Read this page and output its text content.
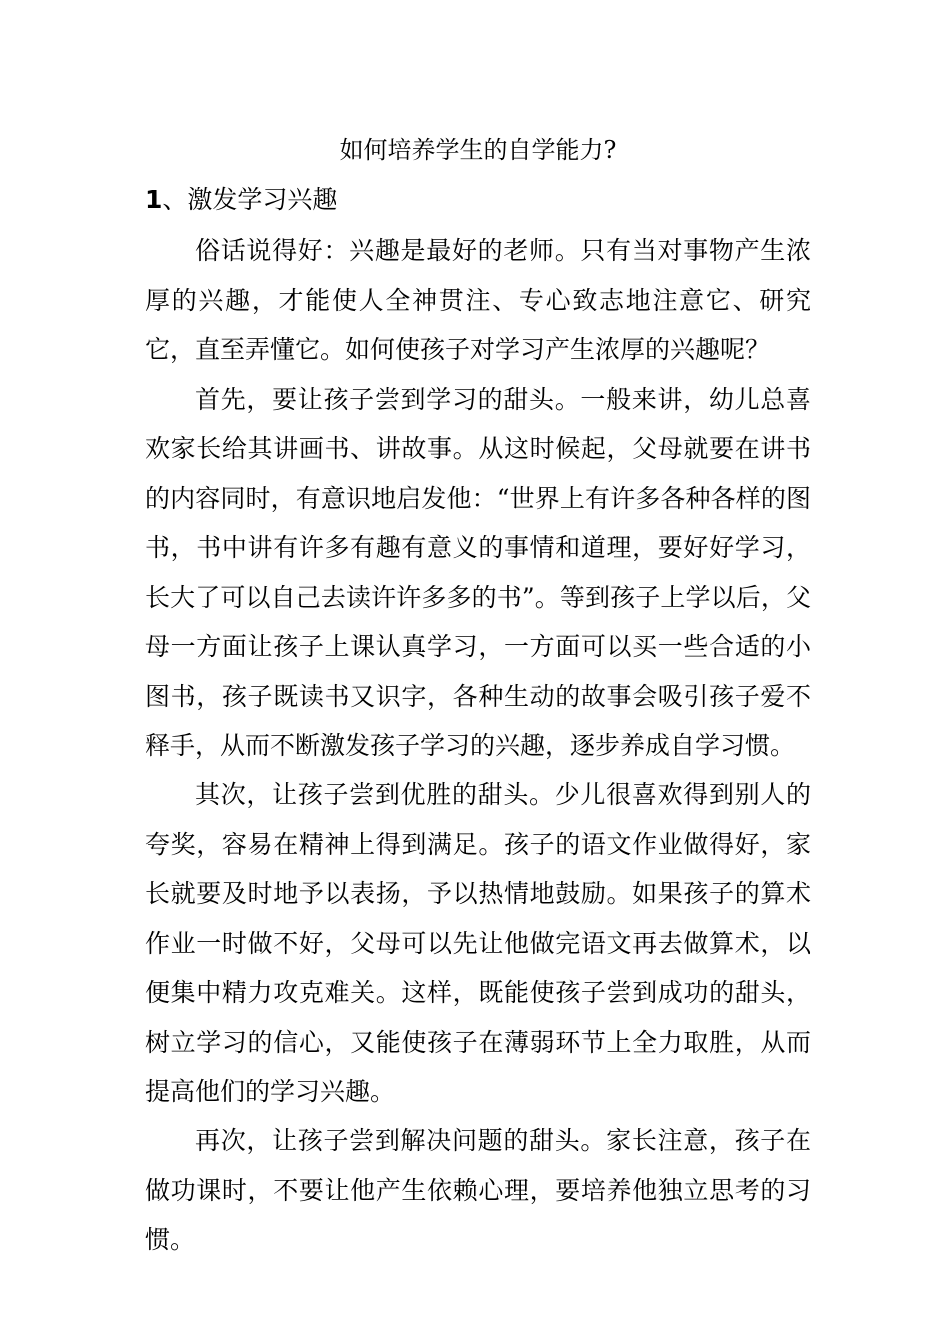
如何培养学生的自学能力?
1、激发学习兴趣

俗话说得好：兴趣是最好的老师。只有当对事物产生浓厚的兴趣，才能使人全神贯注、专心致志地注意它、研究它，直至弄懂它。如何使孩子对学习产生浓厚的兴趣呢？

首先，要让孩子尝到学习的甜头。一般来讲，幼儿总喜欢家长给其讲画书、讲故事。从这时候起，父母就要在讲书的内容同时，有意识地启发他：“世界上有许多各种各样的图书，书中讲有许多有趣有意义的事情和道理，要好好学习，长大了可以自己去读许许多多的书”。等到孩子上学以后，父母一方面让孩子上课认真学习，一方面可以买一些合适的小图书，孩子既读书又识字，各种生动的故事会吸引孩子爱不释手，从而不断激发孩子学习的兴趣，逐步养成自学习惯。

其次，让孩子尝到优胜的甜头。少儿很喜欢得到别人的夸奖，容易在精神上得到满足。孩子的语文作业做得好，家长就要及时地予以表扬，予以热情地鼓励。如果孩子的算术作业一时做不好，父母可以先让他做完语文再去做算术，以便集中精力攻克难关。这样，既能使孩子尝到成功的甜头，树立学习的信心，又能使孩子在薄弱环节上全力取胜，从而提高他们的学习兴趣。

再次，让孩子尝到解决问题的甜头。家长注意，孩子在做功课时，不要让他产生依赖心理，要培养他独立思考的习惯。
